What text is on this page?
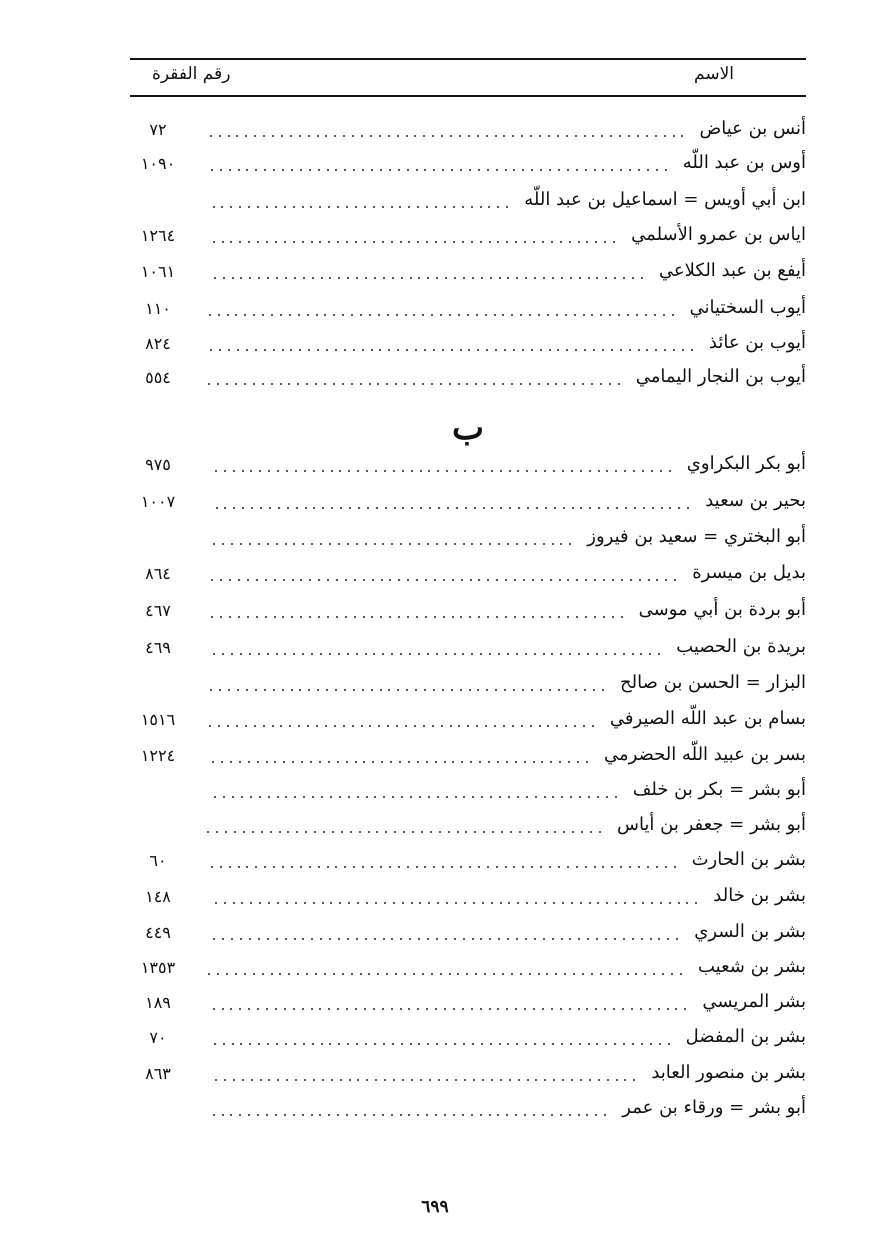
الاسم
رقم الفقرة
أنس بن عياض
٧٢
أوس بن عبد اللّه
١٠٩٠
ابن أبي أويس = اسماعيل بن عبد اللّه
اياس بن عمرو الأسلمي
١٢٦٤
أيفع بن عبد الكلاعي
١٠٦١
أيوب السختياني
١١٠
أيوب بن عائذ
٨٢٤
أيوب بن النجار اليمامي
٥٥٤
أبو بكر البكراوي
٩٧٥
بحير بن سعيد
١٠٠٧
أبو البختري = سعيد بن فيروز
بديل بن ميسرة
٨٦٤
أبو بردة بن أبي موسى
٤٦٧
بريدة بن الحصيب
٤٦٩
البزار = الحسن بن صالح
بسام بن عبد اللّه الصيرفي
١٥١٦
بسر بن عبيد اللّه الحضرمي
١٢٢٤
أبو بشر = بكر بن خلف
أبو بشر = جعفر بن أياس
بشر بن الحارث
٦٠
بشر بن خالد
١٤٨
بشر بن السري
٤٤٩
بشر بن شعيب
١٣٥٣
بشر المريسي
١٨٩
بشر بن المفضل
٧٠
بشر بن منصور العابد
٨٦٣
أبو بشر = ورقاء بن عمر
ب
٦٩٩
